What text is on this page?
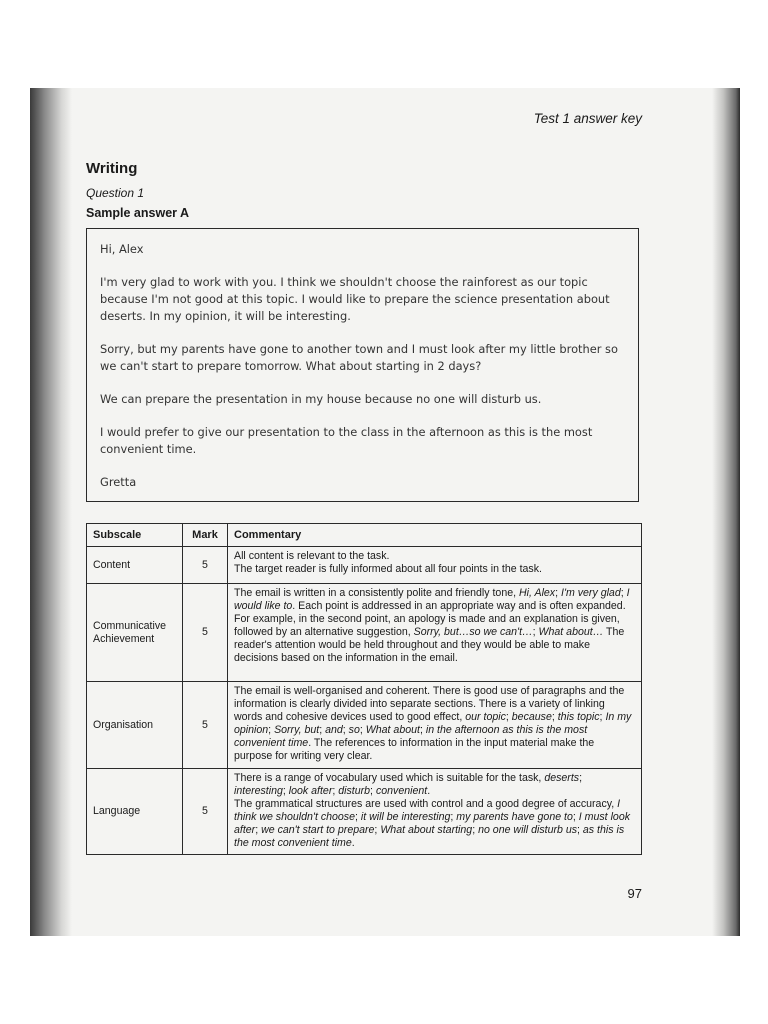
Test 1 answer key
Writing
Question 1
Sample answer A

Hi, Alex

I'm very glad to work with you. I think we shouldn't choose the rainforest as our topic because I'm not good at this topic. I would like to prepare the science presentation about deserts. In my opinion, it will be interesting.

Sorry, but my parents have gone to another town and I must look after my little brother so we can't start to prepare tomorrow. What about starting in 2 days?

We can prepare the presentation in my house because no one will disturb us.

I would prefer to give our presentation to the class in the afternoon as this is the most convenient time.

Gretta

Subscale	Mark	Commentary
Content	5	All content is relevant to the task.
The target reader is fully informed about all four points in the task.
Communicative Achievement	5	The email is written in a consistently polite and friendly tone, Hi, Alex; I'm very glad; I would like to. Each point is addressed in an appropriate way and is often expanded. For example, in the second point, an apology is made and an explanation is given, followed by an alternative suggestion, Sorry, but…so we can't…; What about… The reader's attention would be held throughout and they would be able to make decisions based on the information in the email.
Organisation	5	The email is well-organised and coherent. There is good use of paragraphs and the information is clearly divided into separate sections. There is a variety of linking words and cohesive devices used to good effect, our topic; because; this topic; In my opinion; Sorry, but; and; so; What about; in the afternoon as this is the most convenient time. The references to information in the input material make the purpose for writing very clear.
Language	5	There is a range of vocabulary used which is suitable for the task, deserts; interesting; look after; disturb; convenient.
The grammatical structures are used with control and a good degree of accuracy, I think we shouldn't choose; it will be interesting; my parents have gone to; I must look after; we can't start to prepare; What about starting; no one will disturb us; as this is the most convenient time.
97
